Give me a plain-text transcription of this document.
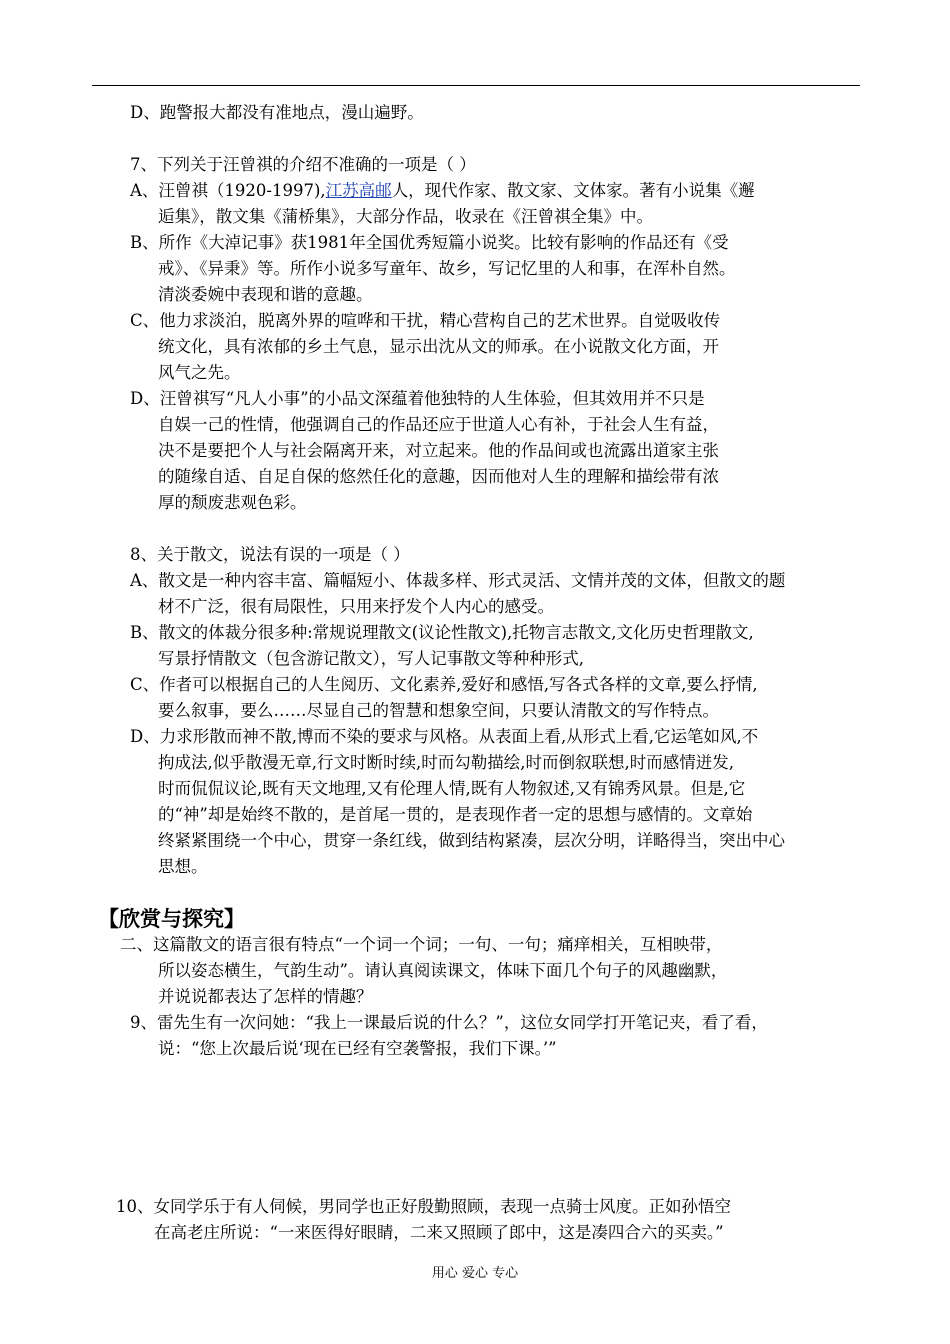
D、跑警报大都没有准地点，漫山遍野。
7、下列关于汪曾祺的介绍不准确的一项是（ ）
A、汪曾祺（1920-1997),江苏高邮人，现代作家、散文家、文体家。著有小说集《邂
逅集》，散文集《蒲桥集》，大部分作品，收录在《汪曾祺全集》中。
B、所作《大淖记事》获1981年全国优秀短篇小说奖。比较有影响的作品还有《受
戒》、《异秉》等。所作小说多写童年、故乡，写记忆里的人和事，在浑朴自然。
清淡委婉中表现和谐的意趣。
C、他力求淡泊，脱离外界的喧哗和干扰，精心营构自己的艺术世界。自觉吸收传
统文化，具有浓郁的乡土气息，显示出沈从文的师承。在小说散文化方面，开
风气之先。
D、汪曾祺写“凡人小事”的小品文深蕴着他独特的人生体验，但其效用并不只是
自娱一己的性情，他强调自己的作品还应于世道人心有补，于社会人生有益，
决不是要把个人与社会隔离开来，对立起来。他的作品间或也流露出道家主张
的随缘自适、自足自保的悠然任化的意趣，因而他对人生的理解和描绘带有浓
厚的颓废悲观色彩。
8、关于散文，说法有误的一项是（ ）
A、散文是一种内容丰富、篇幅短小、体裁多样、形式灵活、文情并茂的文体，但散文的题
材不广泛，很有局限性，只用来抒发个人内心的感受。
B、散文的体裁分很多种:常规说理散文(议论性散文),托物言志散文,文化历史哲理散文,
写景抒情散文（包含游记散文），写人记事散文等种种形式,
C、作者可以根据自己的人生阅历、文化素养,爱好和感悟,写各式各样的文章,要么抒情,
要么叙事，要么……尽显自己的智慧和想象空间，只要认清散文的写作特点。
D、力求形散而神不散,博而不染的要求与风格。从表面上看,从形式上看,它运笔如风,不
拘成法,似乎散漫无章,行文时断时续,时而勾勒描绘,时而倒叙联想,时而感情迸发,
时而侃侃议论,既有天文地理,又有伦理人情,既有人物叙述,又有锦秀风景。但是,它
的“神”却是始终不散的，是首尾一贯的，是表现作者一定的思想与感情的。文章始
终紧紧围绕一个中心，贯穿一条红线，做到结构紧凑，层次分明，详略得当，突出中心
思想。
【欣赏与探究】
二、这篇散文的语言很有特点“一个词一个词；一句、一句；痛痒相关，互相映带，
所以姿态横生，气韵生动”。请认真阅读课文，体味下面几个句子的风趣幽默，
并说说都表达了怎样的情趣？
9、雷先生有一次问她：“我上一课最后说的什么？”，这位女同学打开笔记夹，看了看，
说：“您上次最后说‘现在已经有空袭警报，我们下课。’”
10、女同学乐于有人伺候，男同学也正好殷勤照顾，表现一点骑士风度。正如孙悟空
在高老庄所说：“一来医得好眼睛，二来又照顾了郎中，这是凑四合六的买卖。”
用心 爱心 专心
